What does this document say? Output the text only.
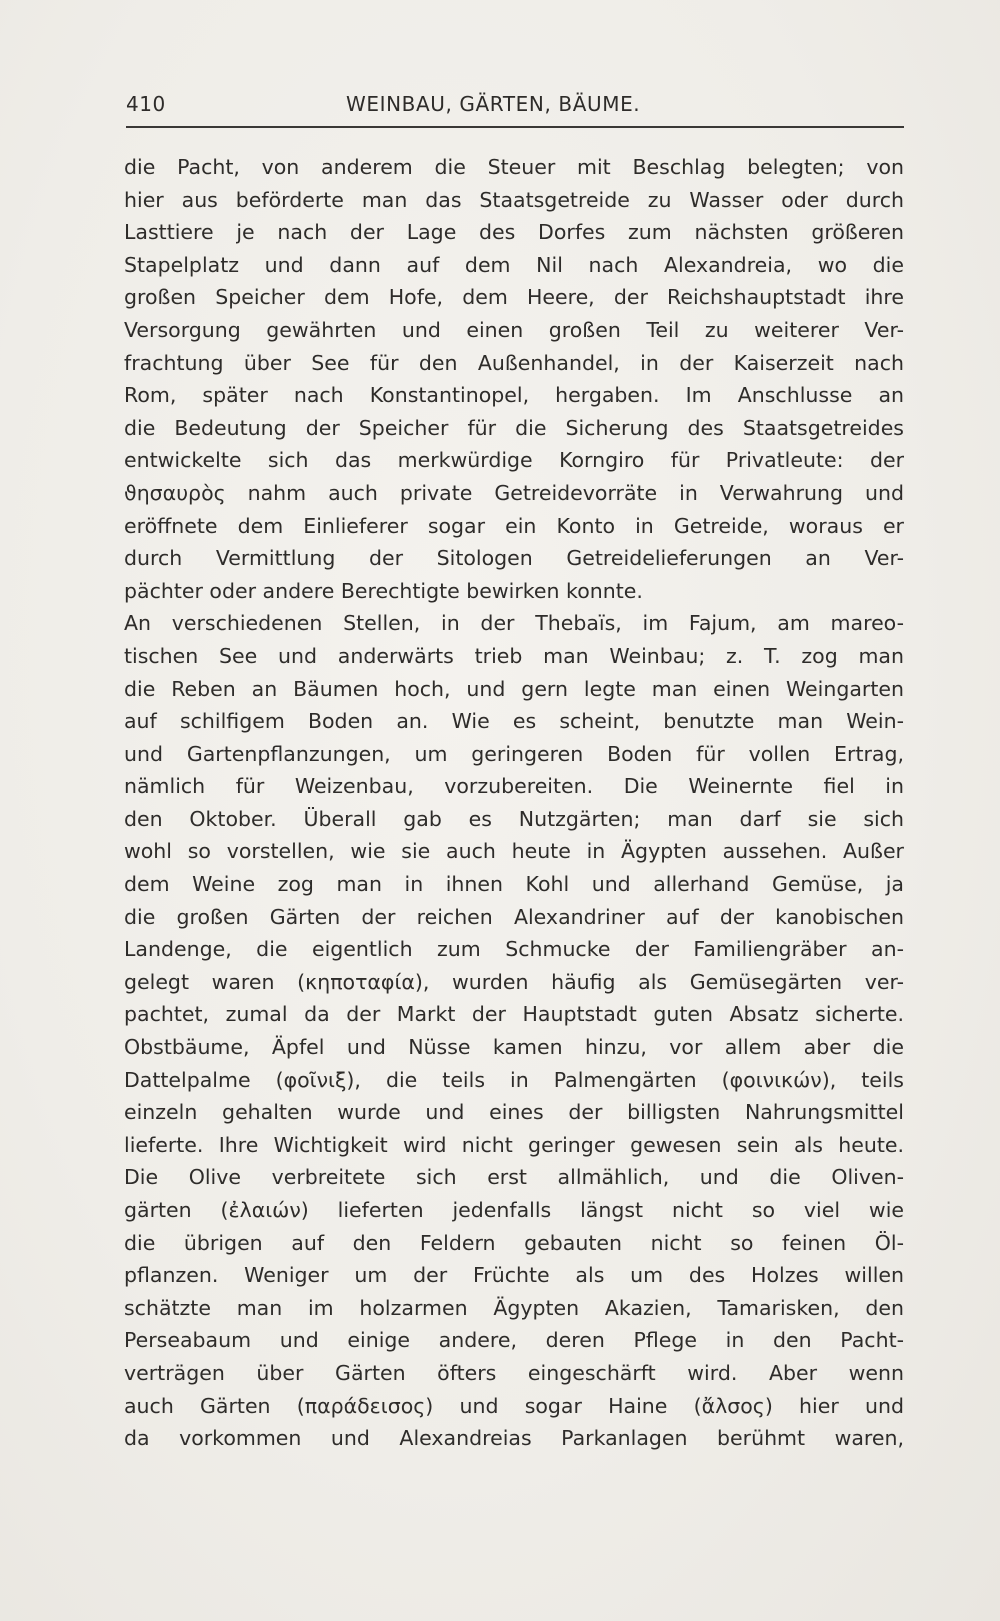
410	WEINBAU, GÄRTEN, BÄUME.
die Pacht, von anderem die Steuer mit Beschlag belegten; von
hier aus beförderte man das Staatsgetreide zu Wasser oder durch
Lasttiere je nach der Lage des Dorfes zum nächsten größeren
Stapelplatz und dann auf dem Nil nach Alexandreia, wo die
großen Speicher dem Hofe, dem Heere, der Reichshauptstadt ihre
Versorgung gewährten und einen großen Teil zu weiterer Ver-
frachtung über See für den Außenhandel, in der Kaiserzeit nach
Rom, später nach Konstantinopel, hergaben. Im Anschlusse an
die Bedeutung der Speicher für die Sicherung des Staatsgetreides
entwickelte sich das merkwürdige Korngiro für Privatleute: der
ϑησαυρὸς nahm auch private Getreidevorräte in Verwahrung und
eröffnete dem Einlieferer sogar ein Konto in Getreide, woraus er
durch Vermittlung der Sitologen Getreidelieferungen an Ver-
pächter oder andere Berechtigte bewirken konnte.
An verschiedenen Stellen, in der Thebaïs, im Fajum, am mareo-
tischen See und anderwärts trieb man Weinbau; z. T. zog man
die Reben an Bäumen hoch, und gern legte man einen Weingarten
auf schilfigem Boden an. Wie es scheint, benutzte man Wein-
und Gartenpflanzungen, um geringeren Boden für vollen Ertrag,
nämlich für Weizenbau, vorzubereiten. Die Weinernte fiel in
den Oktober. Überall gab es Nutzgärten; man darf sie sich
wohl so vorstellen, wie sie auch heute in Ägypten aussehen. Außer
dem Weine zog man in ihnen Kohl und allerhand Gemüse, ja
die großen Gärten der reichen Alexandriner auf der kanobischen
Landenge, die eigentlich zum Schmucke der Familiengräber an-
gelegt waren (κηποταφία), wurden häufig als Gemüsegärten ver-
pachtet, zumal da der Markt der Hauptstadt guten Absatz sicherte.
Obstbäume, Äpfel und Nüsse kamen hinzu, vor allem aber die
Dattelpalme (φοῖνιξ), die teils in Palmengärten (φοινικών), teils
einzeln gehalten wurde und eines der billigsten Nahrungsmittel
lieferte. Ihre Wichtigkeit wird nicht geringer gewesen sein als heute.
Die Olive verbreitete sich erst allmählich, und die Oliven-
gärten (ἐλαιών) lieferten jedenfalls längst nicht so viel wie
die übrigen auf den Feldern gebauten nicht so feinen Öl-
pflanzen. Weniger um der Früchte als um des Holzes willen
schätzte man im holzarmen Ägypten Akazien, Tamarisken, den
Perseabaum und einige andere, deren Pflege in den Pacht-
verträgen über Gärten öfters eingeschärft wird. Aber wenn
auch Gärten (παράδεισος) und sogar Haine (ἄλσος) hier und
da vorkommen und Alexandreias Parkanlagen berühmt waren,
